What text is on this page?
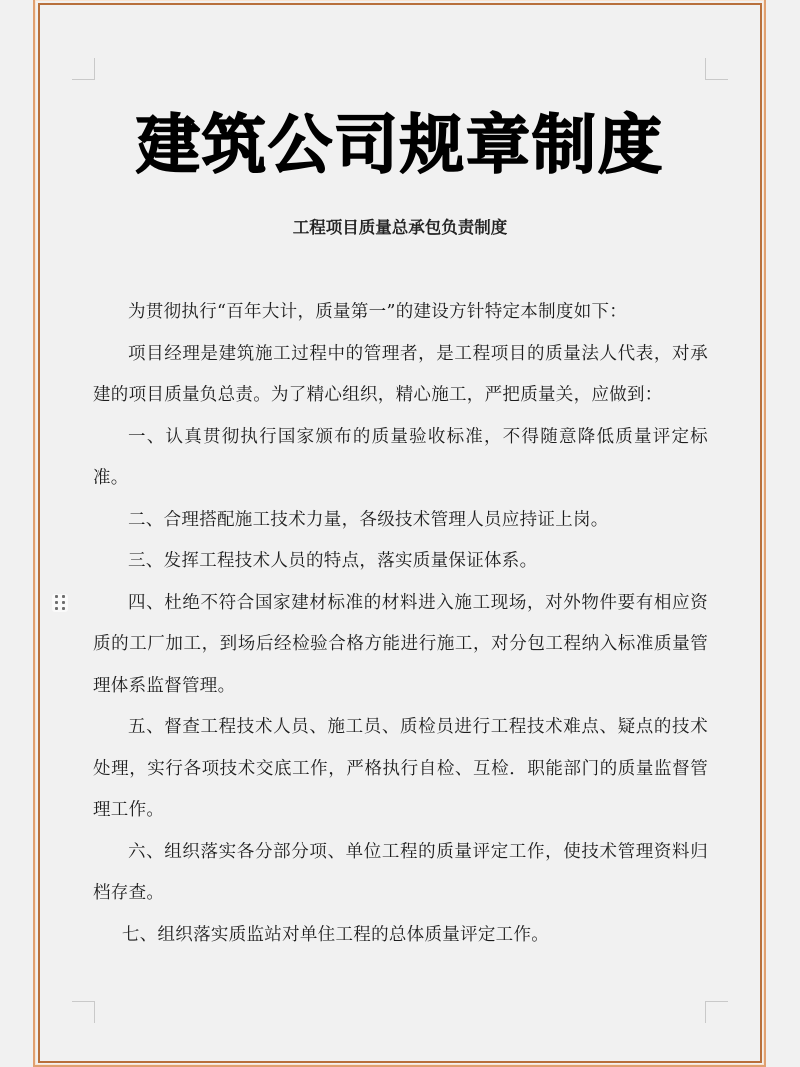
建筑公司规章制度
工程项目质量总承包负责制度

为贯彻执行“百年大计，质量第一”的建设方针特定本制度如下：

项目经理是建筑施工过程中的管理者，是工程项目的质量法人代表，对承建的项目质量负总责。为了精心组织，精心施工，严把质量关，应做到：

一、认真贯彻执行国家颁布的质量验收标准，不得随意降低质量评定标准。

二、合理搭配施工技术力量，各级技术管理人员应持证上岗。

三、发挥工程技术人员的特点，落实质量保证体系。

四、杜绝不符合国家建材标准的材料进入施工现场，对外物件要有相应资质的工厂加工，到场后经检验合格方能进行施工，对分包工程纳入标准质量管理体系监督管理。

五、督查工程技术人员、施工员、质检员进行工程技术难点、疑点的技术处理，实行各项技术交底工作，严格执行自检、互检．职能部门的质量监督管理工作。

六、组织落实各分部分项、单位工程的质量评定工作，使技术管理资料归档存查。

七、组织落实质监站对单住工程的总体质量评定工作。
